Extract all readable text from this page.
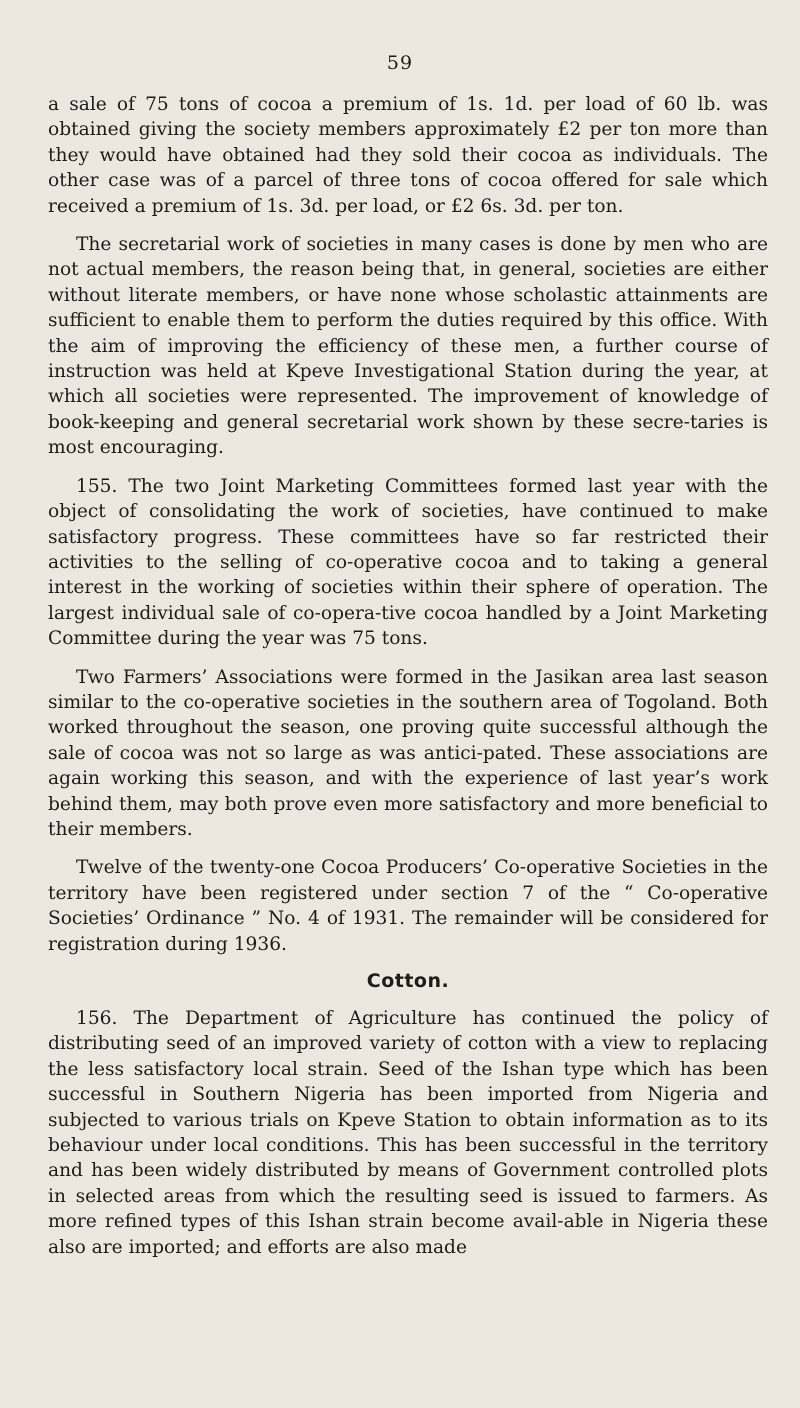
59

a sale of 75 tons of cocoa a premium of 1s. 1d. per load of 60 lb. was obtained giving the society members approximately £2 per ton more than they would have obtained had they sold their cocoa as individuals. The other case was of a parcel of three tons of cocoa offered for sale which received a premium of 1s. 3d. per load, or £2 6s. 3d. per ton.

The secretarial work of societies in many cases is done by men who are not actual members, the reason being that, in general, societies are either without literate members, or have none whose scholastic attainments are sufficient to enable them to perform the duties required by this office. With the aim of improving the efficiency of these men, a further course of instruction was held at Kpeve Investigational Station during the year, at which all societies were represented. The improvement of knowledge of book-keeping and general secretarial work shown by these secre-taries is most encouraging.

155. The two Joint Marketing Committees formed last year with the object of consolidating the work of societies, have continued to make satisfactory progress. These committees have so far restricted their activities to the selling of co-operative cocoa and to taking a general interest in the working of societies within their sphere of operation. The largest individual sale of co-opera-tive cocoa handled by a Joint Marketing Committee during the year was 75 tons.

Two Farmers’ Associations were formed in the Jasikan area last season similar to the co-operative societies in the southern area of Togoland. Both worked throughout the season, one proving quite successful although the sale of cocoa was not so large as was antici-pated. These associations are again working this season, and with the experience of last year’s work behind them, may both prove even more satisfactory and more beneficial to their members.

Twelve of the twenty-one Cocoa Producers’ Co-operative Societies in the territory have been registered under section 7 of the “ Co-operative Societies’ Ordinance ” No. 4 of 1931. The remainder will be considered for registration during 1936.

Cotton.

156. The Department of Agriculture has continued the policy of distributing seed of an improved variety of cotton with a view to replacing the less satisfactory local strain. Seed of the Ishan type which has been successful in Southern Nigeria has been imported from Nigeria and subjected to various trials on Kpeve Station to obtain information as to its behaviour under local conditions. This has been successful in the territory and has been widely distributed by means of Government controlled plots in selected areas from which the resulting seed is issued to farmers. As more refined types of this Ishan strain become avail-able in Nigeria these also are imported; and efforts are also made
